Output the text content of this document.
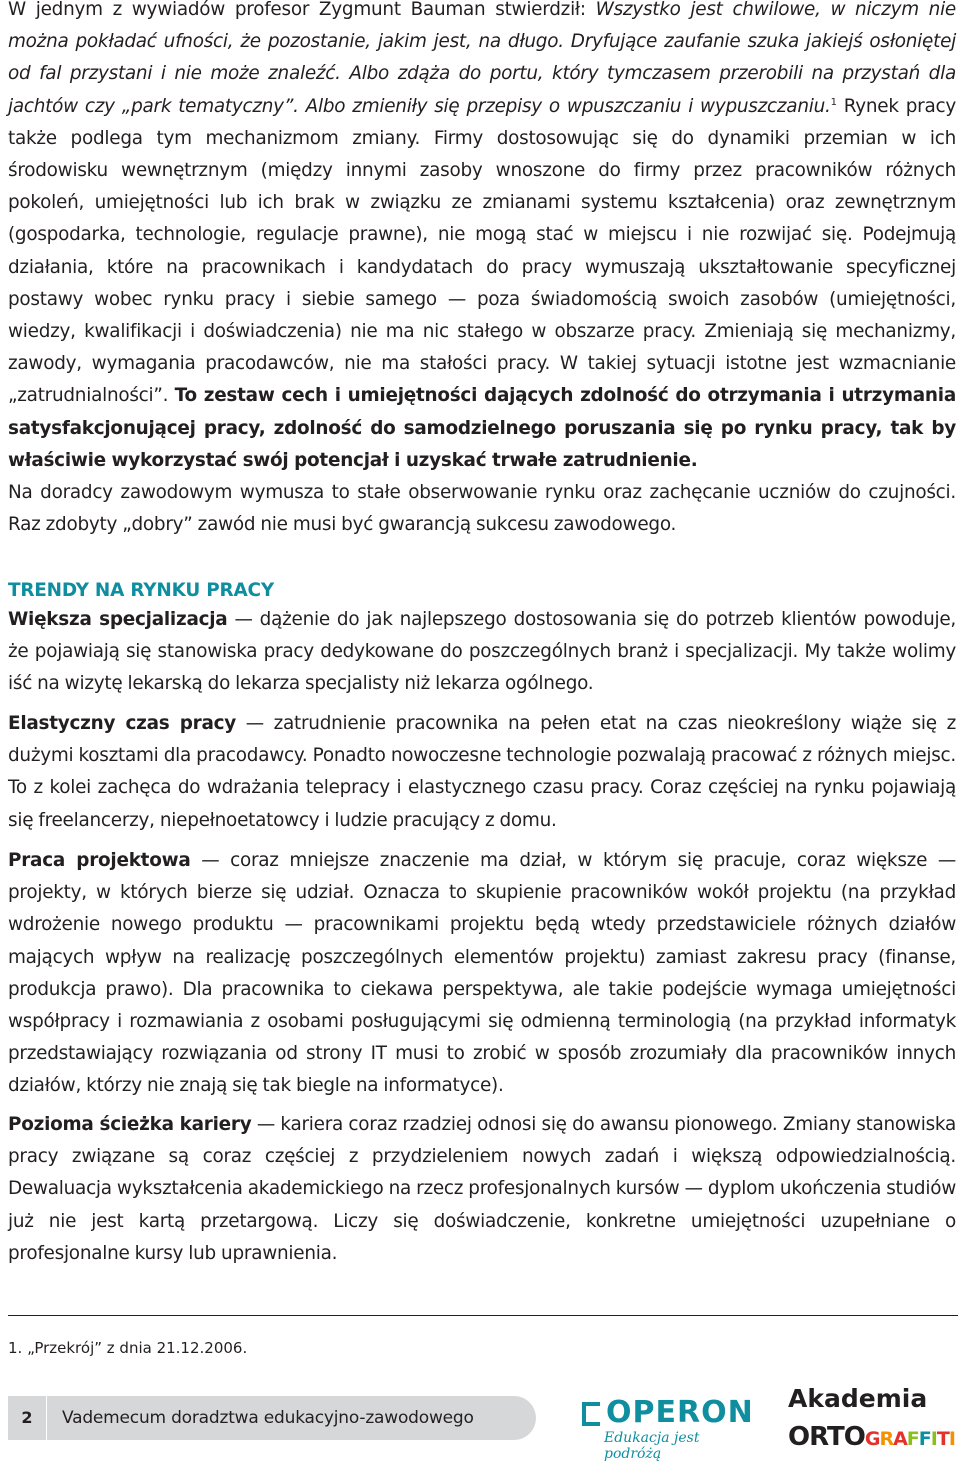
W jednym z wywiadów profesor Zygmunt Bauman stwierdził: Wszystko jest chwilowe, w niczym nie można pokładać ufności, że pozostanie, jakim jest, na długo. Dryfujące zaufanie szuka jakiejś osłoniętej od fal przystani i nie może znaleźć. Albo zdąża do portu, który tymczasem przerobili na przystań dla jachtów czy „park tematyczny”. Albo zmieniły się przepisy o wpuszczaniu i wypuszczaniu.$^1$ Rynek pracy także podlega tym mechanizmom zmiany. Firmy dostosowując się do dynamiki przemian w ich środowisku wewnętrznym (między innymi zasoby wnoszone do firmy przez pracowników różnych pokoleń, umiejętności lub ich brak w związku ze zmianami systemu kształcenia) oraz zewnętrznym (gospodarka, technologie, regulacje prawne), nie mogą stać w miejscu i nie rozwijać się. Podejmują działania, które na pracownikach i kandydatach do pracy wymuszają ukształtowanie specyficznej postawy wobec rynku pracy i siebie samego — poza świadomością swoich zasobów (umiejętności, wiedzy, kwalifikacji i doświadczenia) nie ma nic stałego w obszarze pracy. Zmieniają się mechanizmy, zawody, wymagania pracodawców, nie ma stałości pracy. W takiej sytuacji istotne jest wzmacnianie „zatrudnialności”. To zestaw cech i umiejętności dających zdolność do otrzymania i utrzymania satysfakcjonującej pracy, zdolność do samodzielnego poruszania się po rynku pracy, tak by właściwie wykorzystać swój potencjał i uzyskać trwałe zatrudnienie.

Na doradcy zawodowym wymusza to stałe obserwowanie rynku oraz zachęcanie uczniów do czujności. Raz zdobyty „dobry” zawód nie musi być gwarancją sukcesu zawodowego.

TRENDY NA RYNKU PRACY

Większa specjalizacja — dążenie do jak najlepszego dostosowania się do potrzeb klientów powoduje, że pojawiają się stanowiska pracy dedykowane do poszczególnych branż i specjalizacji. My także wolimy iść na wizytę lekarską do lekarza specjalisty niż lekarza ogólnego.

Elastyczny czas pracy — zatrudnienie pracownika na pełen etat na czas nieokreślony wiąże się z dużymi kosztami dla pracodawcy. Ponadto nowoczesne technologie pozwalają pracować z różnych miejsc. To z kolei zachęca do wdrażania telepracy i elastycznego czasu pracy. Coraz częściej na rynku pojawiają się freelancerzy, niepełnoetatowcy i ludzie pracujący z domu.

Praca projektowa — coraz mniejsze znaczenie ma dział, w którym się pracuje, coraz większe — projekty, w których bierze się udział. Oznacza to skupienie pracowników wokół projektu (na przykład wdrożenie nowego produktu — pracownikami projektu będą wtedy przedstawiciele różnych działów mających wpływ na realizację poszczególnych elementów projektu) zamiast zakresu pracy (finanse, produkcja prawo). Dla pracownika to ciekawa perspektywa, ale takie podejście wymaga umiejętności współpracy i rozmawiania z osobami posługującymi się odmienną terminologią (na przykład informatyk przedstawiający rozwiązania od strony IT musi to zrobić w sposób zrozumiały dla pracowników innych działów, którzy nie znają się tak biegle na informatyce).

Pozioma ścieżka kariery — kariera coraz rzadziej odnosi się do awansu pionowego. Zmiany stanowiska pracy związane są coraz częściej z przydzieleniem nowych zadań i większą odpowiedzialnością. Dewaluacja wykształcenia akademickiego na rzecz profesjonalnych kursów — dyplom ukończenia studiów już nie jest kartą przetargową. Liczy się doświadczenie, konkretne umiejętności uzupełniane o profesjonalne kursy lub uprawnienia.

1. „Przekrój” z dnia 21.12.2006.
2	Vademecum doradztwa edukacyjno-zawodowego	OPERON
Edukacja jest podróżą
Akademia
ORTOGRAFFITI
